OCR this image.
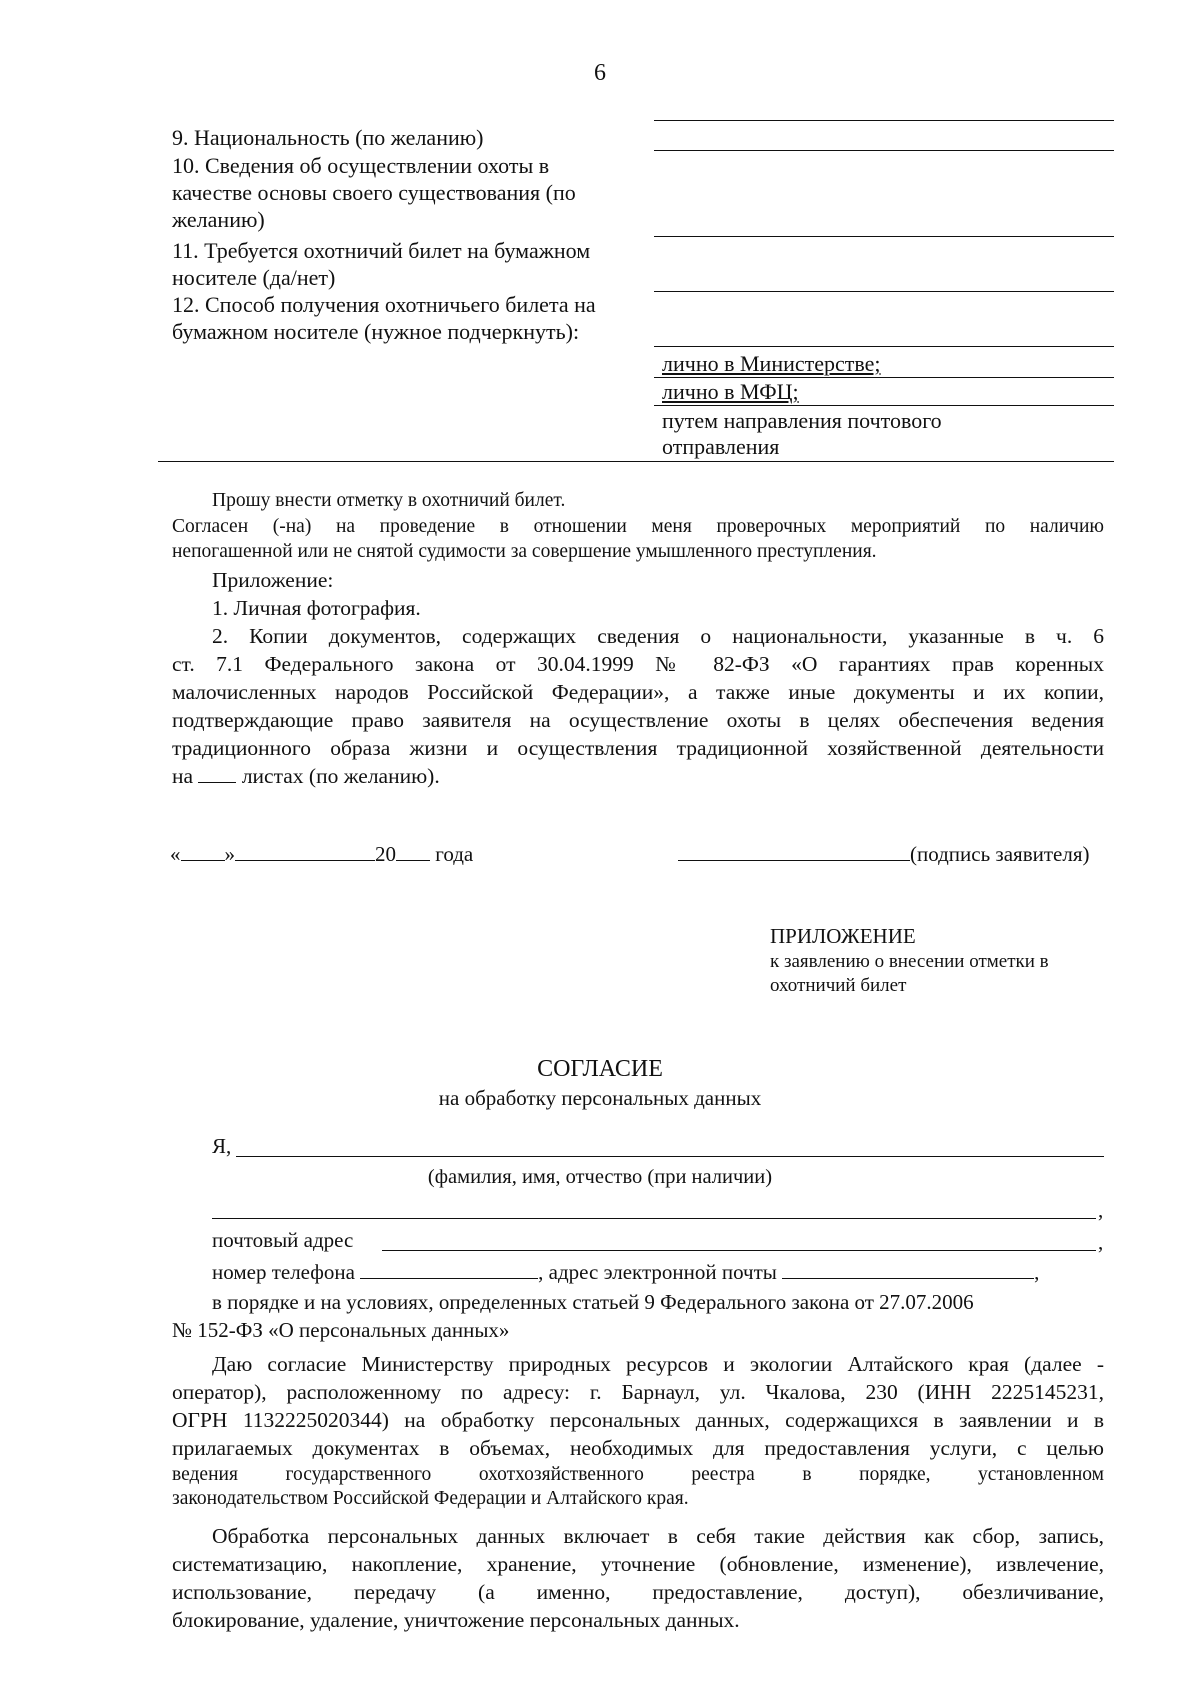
6
9. Национальность (по желанию)
10. Сведения об осуществлении охоты в
качестве основы своего существования (по
желанию)
11. Требуется охотничий билет на бумажном
носителе (да/нет)
12. Способ получения охотничьего билета на
бумажном носителе (нужное подчеркнуть):
лично в Министерстве;
лично в МФЦ;
путем направления почтового
отправления
Прошу внести отметку в охотничий билет.
Согласен (-на) на проведение в отношении меня проверочных мероприятий по наличию
непогашенной или не снятой судимости за совершение умышленного преступления.
Приложение:
1. Личная фотография.
2. Копии документов, содержащих сведения о национальности, указанные в ч. 6
ст. 7.1 Федерального закона от 30.04.1999 № 82-ФЗ «О гарантиях прав коренных
малочисленных народов Российской Федерации», а также иные документы и их копии,
подтверждающие право заявителя на осуществление охоты в целях обеспечения ведения
традиционного образа жизни и осуществления традиционной хозяйственной деятельности
на листах (по желанию).
« »	20 года	(подпись заявителя)
ПРИЛОЖЕНИЕ
к заявлению о внесении отметки в
охотничий билет
СОГЛАСИЕ
на обработку персональных данных
Я,
(фамилия, имя, отчество (при наличии)
,
почтовый адрес	,
номер телефона	, адрес электронной почты	,
в порядке и на условиях, определенных статьей 9 Федерального закона от 27.07.2006
№ 152-ФЗ «О персональных данных»
Даю согласие Министерству природных ресурсов и экологии Алтайского края (далее -
оператор), расположенному по адресу: г. Барнаул, ул. Чкалова, 230 (ИНН 2225145231,
ОГРН 1132225020344) на обработку персональных данных, содержащихся в заявлении и в
прилагаемых документах в объемах, необходимых для предоставления услуги, с целью
ведения государственного охотхозяйственного реестра в порядке, установленном
законодательством Российской Федерации и Алтайского края.
Обработка персональных данных включает в себя такие действия как сбор, запись,
систематизацию, накопление, хранение, уточнение (обновление, изменение), извлечение,
использование, передачу (а именно, предоставление, доступ), обезличивание,
блокирование, удаление, уничтожение персональных данных.
